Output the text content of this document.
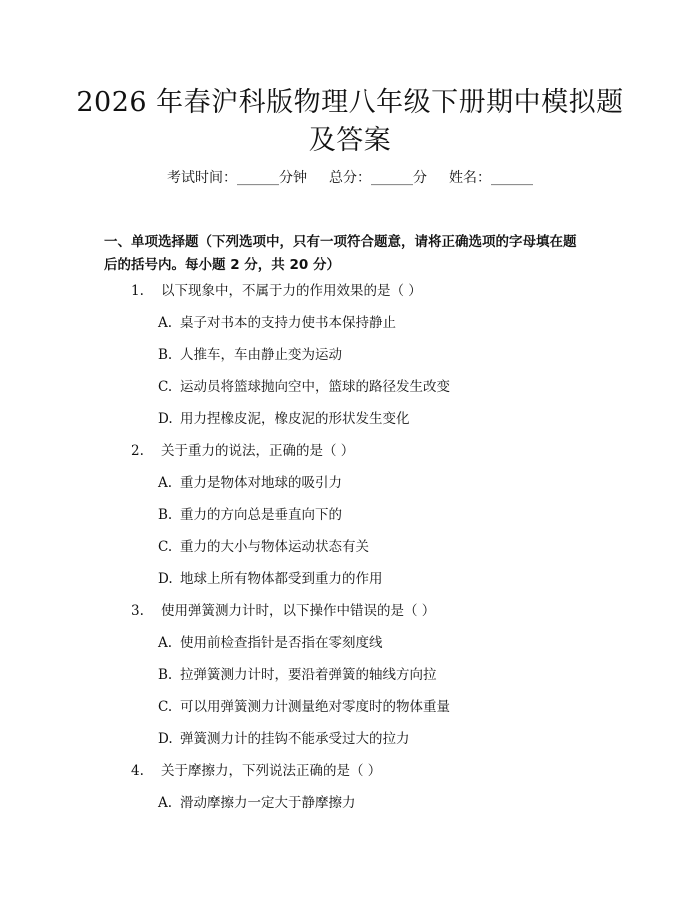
2026 年春沪科版物理八年级下册期中模拟题
及答案
考试时间：______分钟 总分：______分 姓名：______
一、单项选择题（下列选项中，只有一项符合题意，请将正确选项的字母填在题
后的括号内。每小题 2 分，共 20 分）
1. 以下现象中，不属于力的作用效果的是（ ）
A. 桌子对书本的支持力使书本保持静止
B. 人推车，车由静止变为运动
C. 运动员将篮球抛向空中，篮球的路径发生改变
D. 用力捏橡皮泥，橡皮泥的形状发生变化
2. 关于重力的说法，正确的是（ ）
A. 重力是物体对地球的吸引力
B. 重力的方向总是垂直向下的
C. 重力的大小与物体运动状态有关
D. 地球上所有物体都受到重力的作用
3. 使用弹簧测力计时，以下操作中错误的是（ ）
A. 使用前检查指针是否指在零刻度线
B. 拉弹簧测力计时，要沿着弹簧的轴线方向拉
C. 可以用弹簧测力计测量绝对零度时的物体重量
D. 弹簧测力计的挂钩不能承受过大的拉力
4. 关于摩擦力，下列说法正确的是（ ）
A. 滑动摩擦力一定大于静摩擦力
